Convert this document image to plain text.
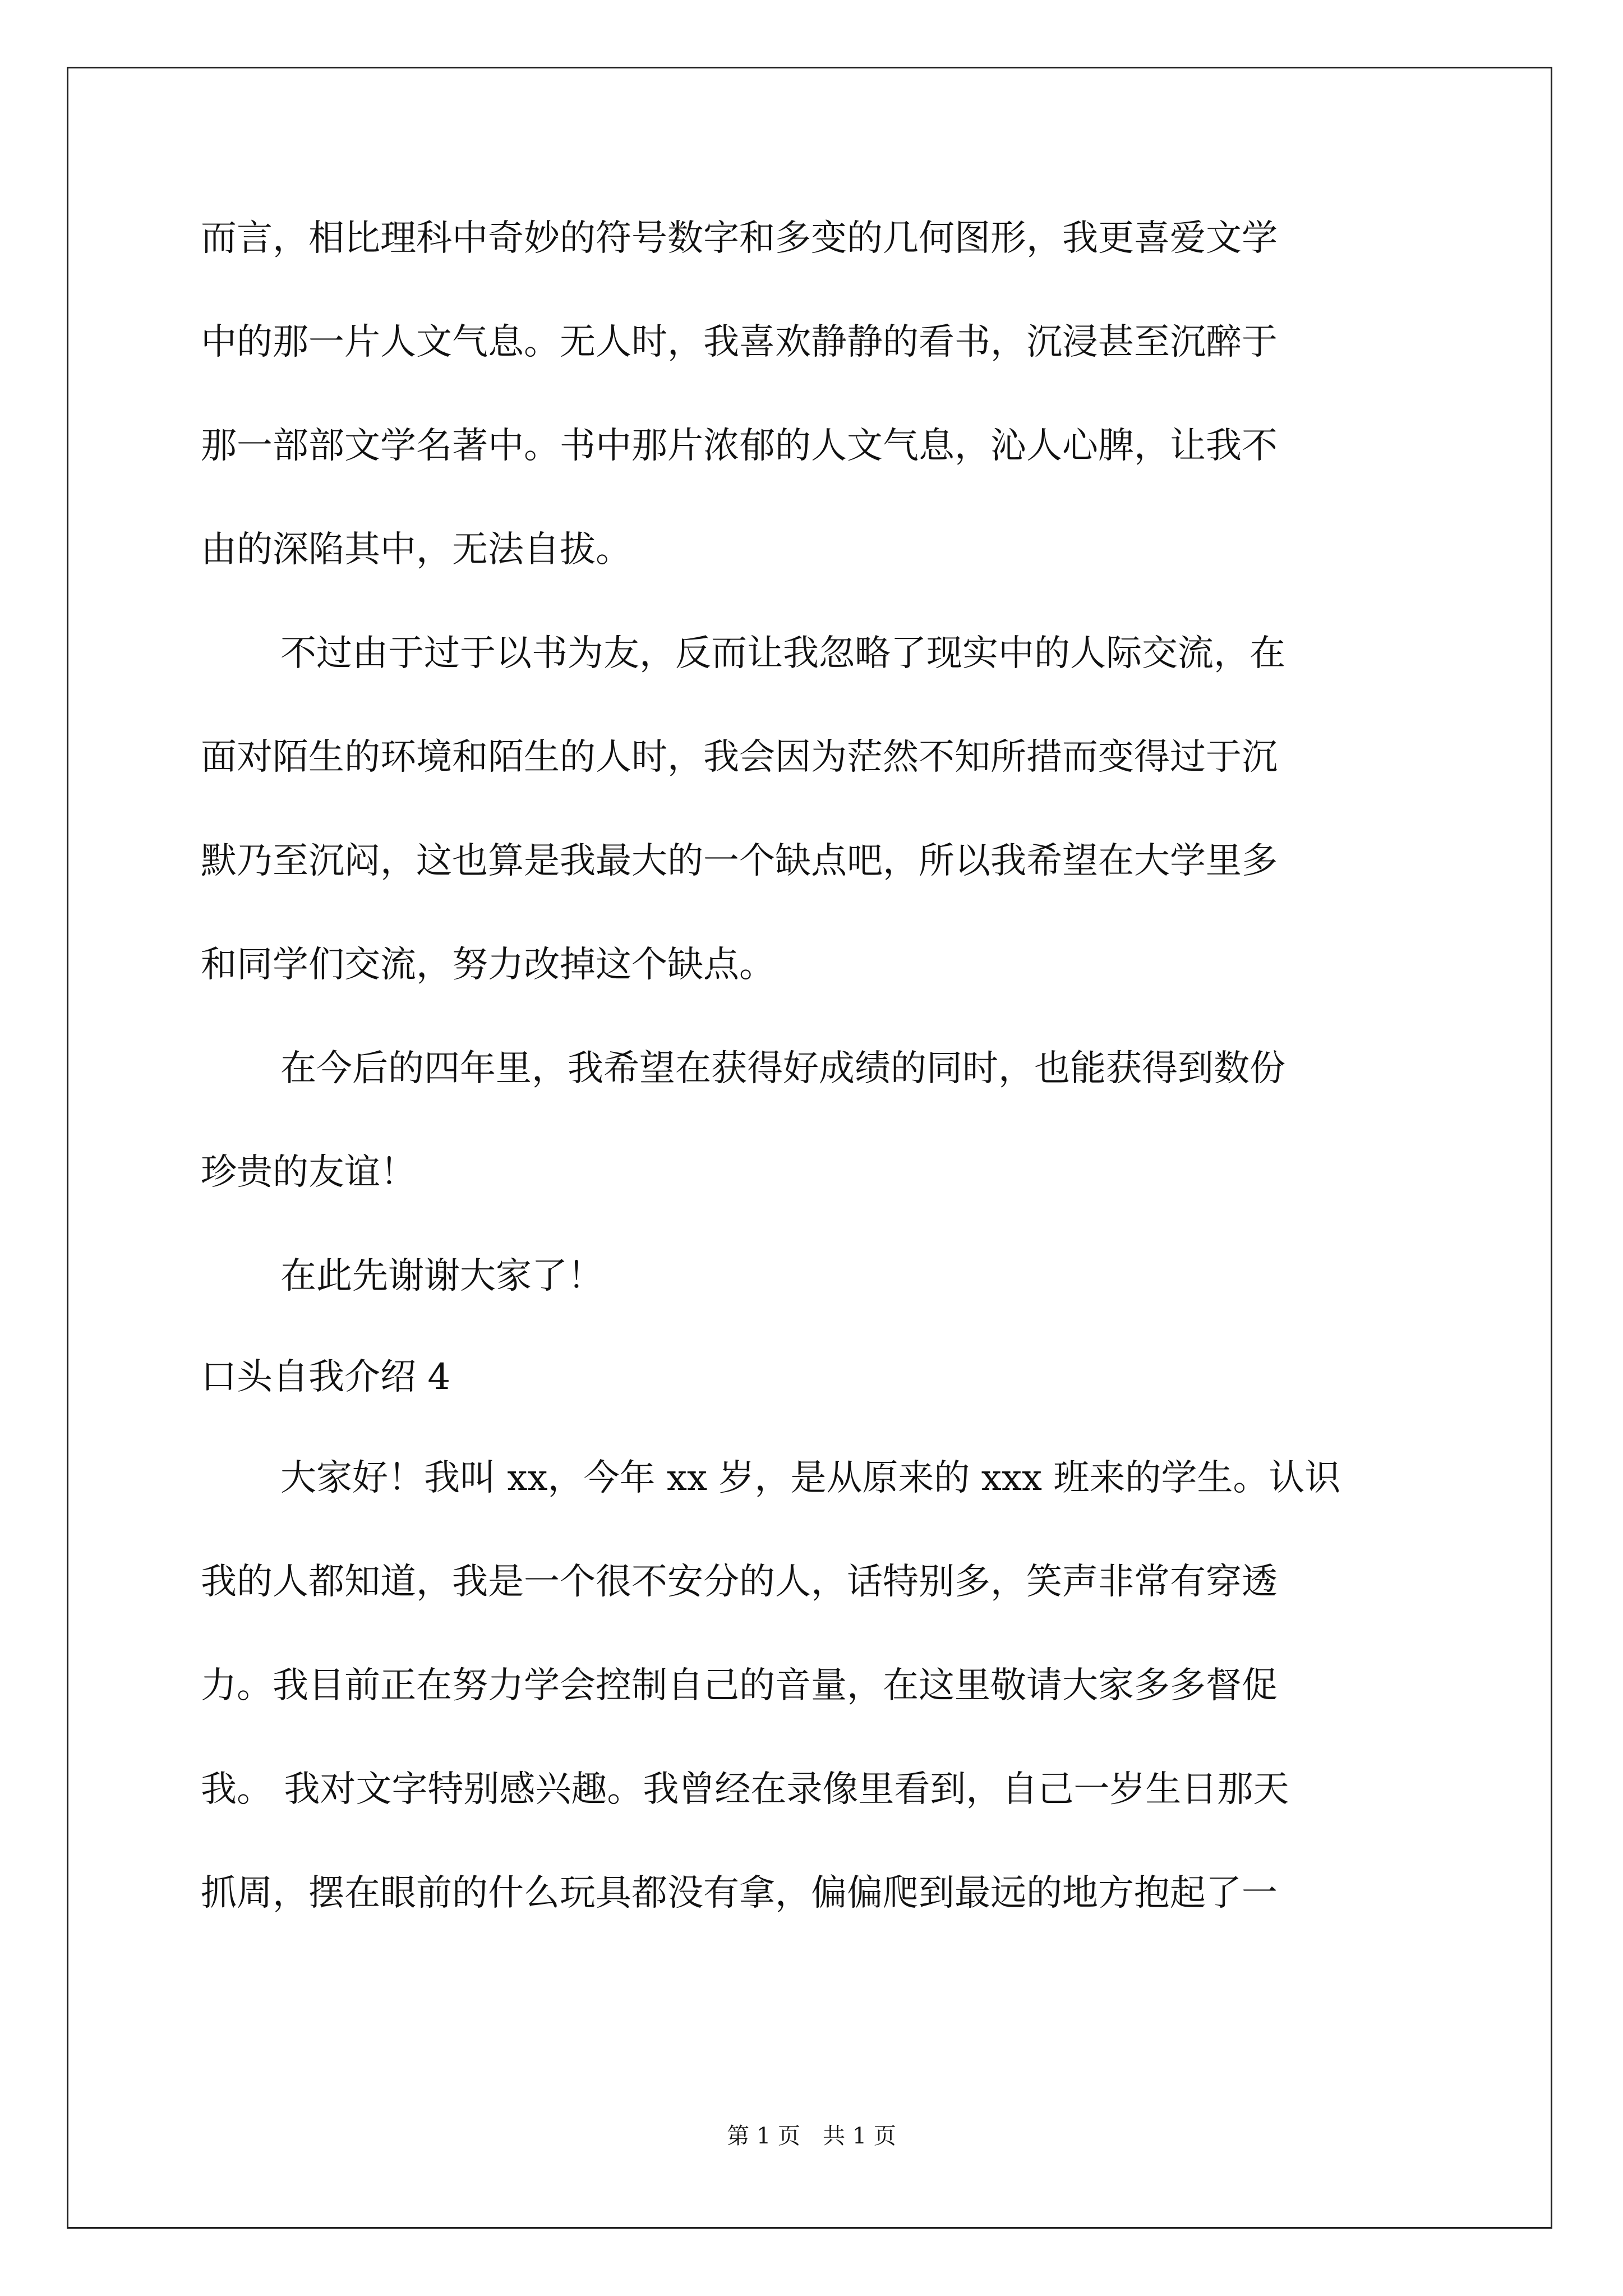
而言，相比理科中奇妙的符号数字和多变的几何图形，我更喜爱文学
中的那一片人文气息。无人时，我喜欢静静的看书，沉浸甚至沉醉于
那一部部文学名著中。书中那片浓郁的人文气息，沁人心脾，让我不
由的深陷其中，无法自拔。
不过由于过于以书为友，反而让我忽略了现实中的人际交流，在
面对陌生的环境和陌生的人时，我会因为茫然不知所措而变得过于沉
默乃至沉闷，这也算是我最大的一个缺点吧，所以我希望在大学里多
和同学们交流，努力改掉这个缺点。
在今后的四年里，我希望在获得好成绩的同时，也能获得到数份
珍贵的友谊！
在此先谢谢大家了！
口头自我介绍 4
大家好！我叫 xx，今年 xx 岁，是从原来的 xxx 班来的学生。认识
我的人都知道，我是一个很不安分的人，话特别多，笑声非常有穿透
力。我目前正在努力学会控制自己的音量，在这里敬请大家多多督促
我。 我对文字特别感兴趣。我曾经在录像里看到，自己一岁生日那天
抓周，摆在眼前的什么玩具都没有拿，偏偏爬到最远的地方抱起了一
第 1 页　共 1 页
